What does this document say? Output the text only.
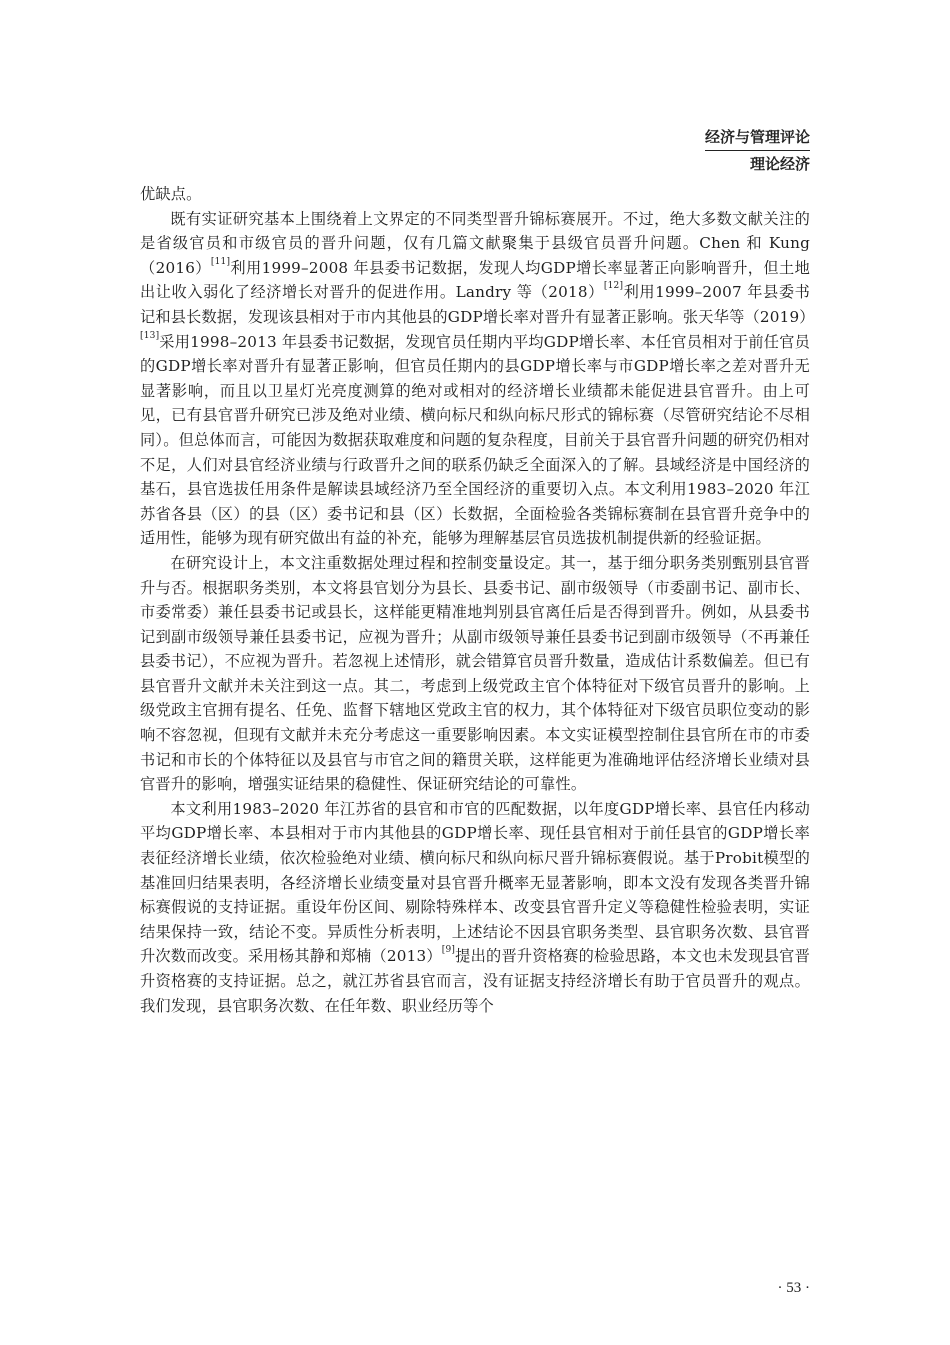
经济与管理评论
理论经济

优缺点。

既有实证研究基本上围绕着上文界定的不同类型晋升锦标赛展开。不过，绝大多数文献关注的是省级官员和市级官员的晋升问题，仅有几篇文献聚集于县级官员晋升问题。Chen 和 Kung（2016）[11]利用1999–2008 年县委书记数据，发现人均GDP增长率显著正向影响晋升，但土地出让收入弱化了经济增长对晋升的促进作用。Landry 等（2018）[12]利用1999–2007 年县委书记和县长数据，发现该县相对于市内其他县的GDP增长率对晋升有显著正影响。张天华等（2019）[13]采用1998–2013 年县委书记数据，发现官员任期内平均GDP增长率、本任官员相对于前任官员的GDP增长率对晋升有显著正影响，但官员任期内的县GDP增长率与市GDP增长率之差对晋升无显著影响，而且以卫星灯光亮度测算的绝对或相对的经济增长业绩都未能促进县官晋升。由上可见，已有县官晋升研究已涉及绝对业绩、横向标尺和纵向标尺形式的锦标赛（尽管研究结论不尽相同）。但总体而言，可能因为数据获取难度和问题的复杂程度，目前关于县官晋升问题的研究仍相对不足，人们对县官经济业绩与行政晋升之间的联系仍缺乏全面深入的了解。县域经济是中国经济的基石，县官选拔任用条件是解读县域经济乃至全国经济的重要切入点。本文利用1983–2020 年江苏省各县（区）的县（区）委书记和县（区）长数据，全面检验各类锦标赛制在县官晋升竞争中的适用性，能够为现有研究做出有益的补充，能够为理解基层官员选拔机制提供新的经验证据。

在研究设计上，本文注重数据处理过程和控制变量设定。其一，基于细分职务类别甄别县官晋升与否。根据职务类别，本文将县官划分为县长、县委书记、副市级领导（市委副书记、副市长、市委常委）兼任县委书记或县长，这样能更精准地判别县官离任后是否得到晋升。例如，从县委书记到副市级领导兼任县委书记，应视为晋升；从副市级领导兼任县委书记到副市级领导（不再兼任县委书记），不应视为晋升。若忽视上述情形，就会错算官员晋升数量，造成估计系数偏差。但已有县官晋升文献并未关注到这一点。其二，考虑到上级党政主官个体特征对下级官员晋升的影响。上级党政主官拥有提名、任免、监督下辖地区党政主官的权力，其个体特征对下级官员职位变动的影响不容忽视，但现有文献并未充分考虑这一重要影响因素。本文实证模型控制住县官所在市的市委书记和市长的个体特征以及县官与市官之间的籍贯关联，这样能更为准确地评估经济增长业绩对县官晋升的影响，增强实证结果的稳健性、保证研究结论的可靠性。

本文利用1983–2020 年江苏省的县官和市官的匹配数据，以年度GDP增长率、县官任内移动平均GDP增长率、本县相对于市内其他县的GDP增长率、现任县官相对于前任县官的GDP增长率表征经济增长业绩，依次检验绝对业绩、横向标尺和纵向标尺晋升锦标赛假说。基于Probit模型的基准回归结果表明，各经济增长业绩变量对县官晋升概率无显著影响，即本文没有发现各类晋升锦标赛假说的支持证据。重设年份区间、剔除特殊样本、改变县官晋升定义等稳健性检验表明，实证结果保持一致，结论不变。异质性分析表明，上述结论不因县官职务类型、县官职务次数、县官晋升次数而改变。采用杨其静和郑楠（2013）[9]提出的晋升资格赛的检验思路，本文也未发现县官晋升资格赛的支持证据。总之，就江苏省县官而言，没有证据支持经济增长有助于官员晋升的观点。我们发现，县官职务次数、在任年数、职业经历等个

· 53 ·
